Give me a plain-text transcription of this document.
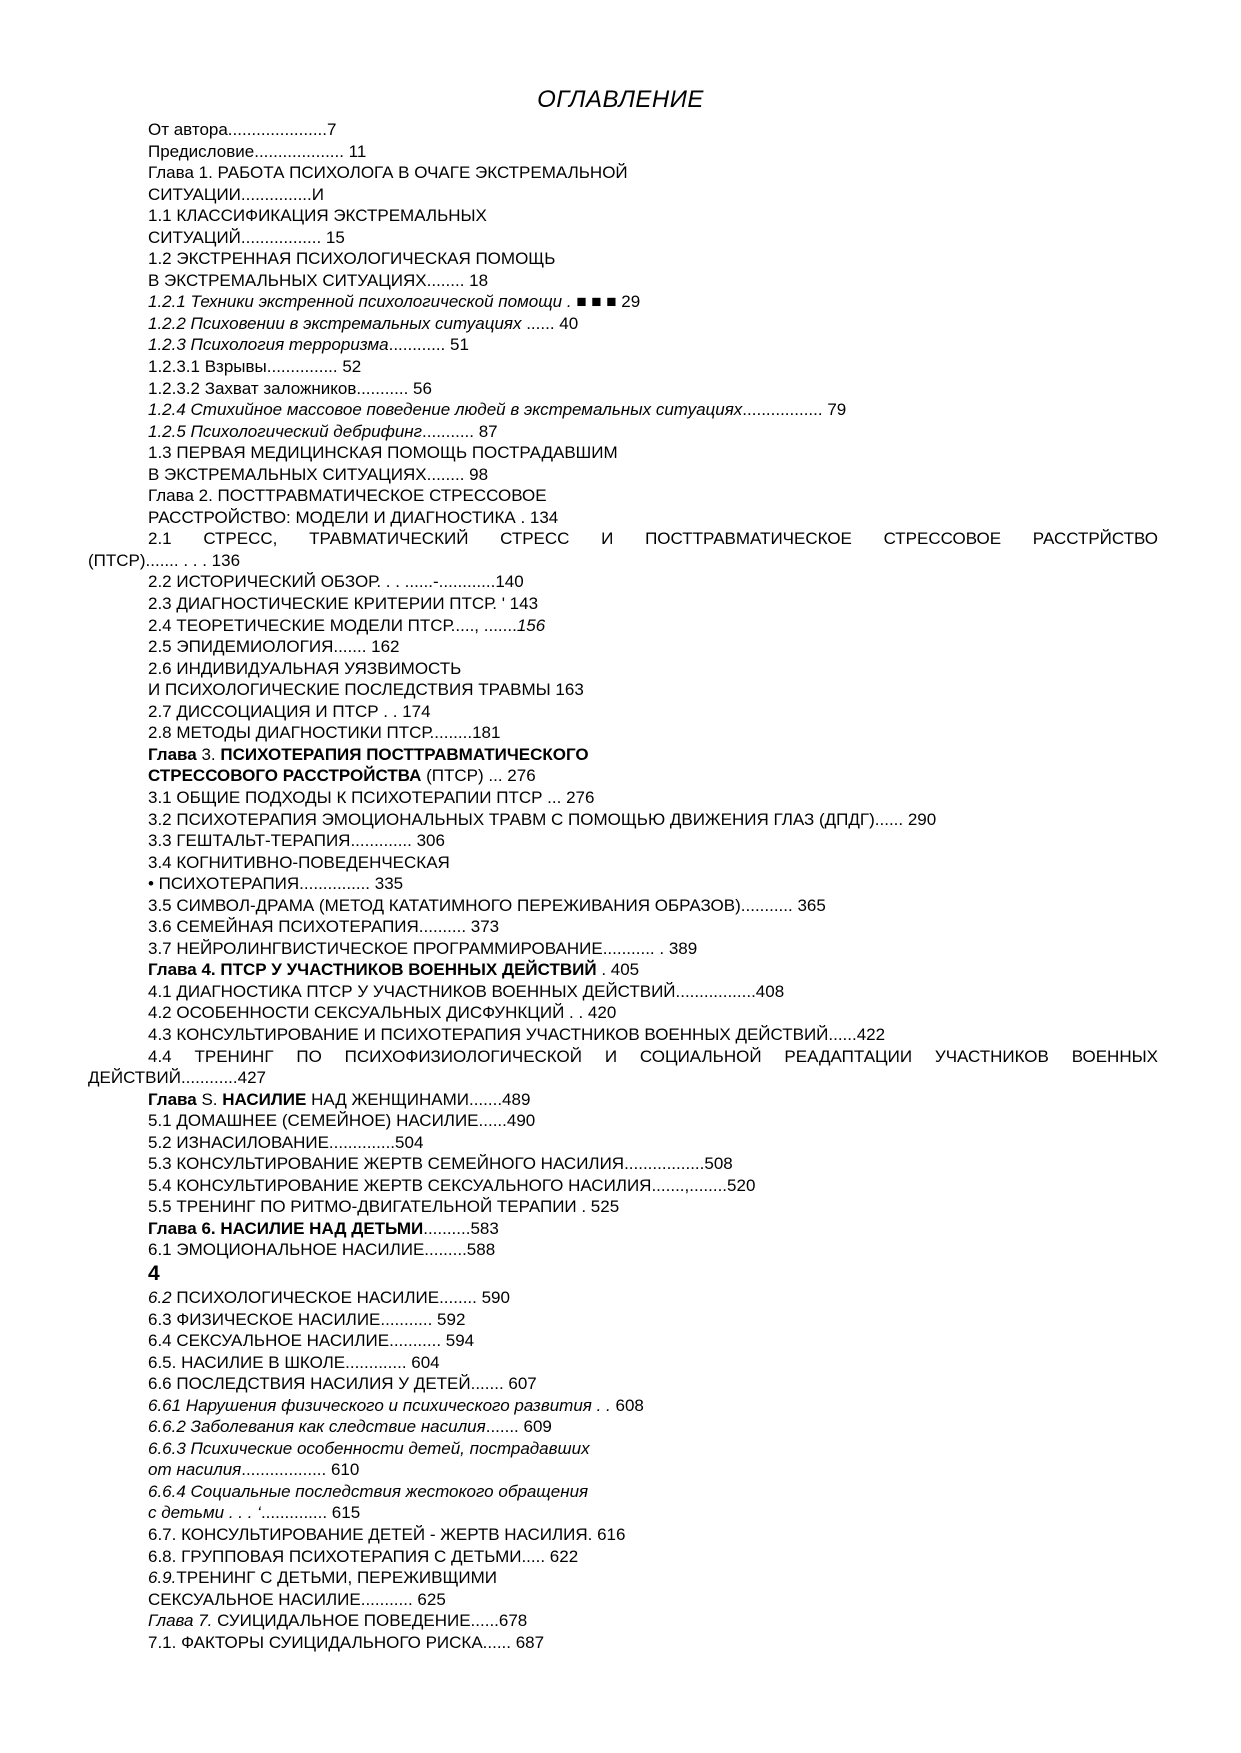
ОГЛАВЛЕНИЕ
От автора.....................7
Предисловие................... 11
Глава 1. РАБОТА ПСИХОЛОГА В ОЧАГЕ ЭКСТРЕМАЛЬНОЙ
СИТУАЦИИ...............И
1.1 КЛАССИФИКАЦИЯ ЭКСТРЕМАЛЬНЫХ
СИТУАЦИЙ................. 15
1.2 ЭКСТРЕННАЯ ПСИХОЛОГИЧЕСКАЯ ПОМОЩЬ
В ЭКСТРЕМАЛЬНЫХ СИТУАЦИЯХ........ 18
1.2.1 Техники экстренной психологической помощи . ■ ■ ■ 29
1.2.2 Психовении в экстремальных ситуациях ...... 40
1.2.3 Психология терроризма............ 51
1.2.3.1 Взрывы............... 52
1.2.3.2 Захват заложников........... 56
1.2.4 Стихийное массовое поведение людей в экстремальных ситуациях................. 79
1.2.5 Психологический дебрифинг........... 87
1.3 ПЕРВАЯ МЕДИЦИНСКАЯ ПОМОЩЬ ПОСТРАДАВШИМ
В ЭКСТРЕМАЛЬНЫХ СИТУАЦИЯХ........ 98
Глава 2. ПОСТТРАВМАТИЧЕСКОЕ СТРЕССОВОЕ
РАССТРОЙСТВО: МОДЕЛИ И ДИАГНОСТИКА . 134
2.1 СТРЕСС, ТРАВМАТИЧЕСКИЙ СТРЕСС И ПОСТТРАВМАТИЧЕСКОЕ СТРЕССОВОЕ РАССТРЙСТВО
(ПТСР)....... . . . 136
2.2 ИСТОРИЧЕСКИЙ ОБЗОР. . . ......-............140
2.3 ДИАГНОСТИЧЕСКИЕ КРИТЕРИИ ПТСР. ' 143
2.4 ТЕОРЕТИЧЕСКИЕ МОДЕЛИ ПТСР....., .......156
2.5 ЭПИДЕМИОЛОГИЯ....... 162
2.6 ИНДИВИДУАЛЬНАЯ УЯЗВИМОСТЬ
И ПСИХОЛОГИЧЕСКИЕ ПОСЛЕДСТВИЯ ТРАВМЫ 163
2.7 ДИССОЦИАЦИЯ И ПТСР . . 174
2.8 МЕТОДЫ ДИАГНОСТИКИ ПТСР.........181
Глава 3. ПСИХОТЕРАПИЯ ПОСТТРАВМАТИЧЕСКОГО
СТРЕССОВОГО РАССТРОЙСТВА (ПТСР) ... 276
3.1 ОБЩИЕ ПОДХОДЫ К ПСИХОТЕРАПИИ ПТСР ... 276
3.2 ПСИХОТЕРАПИЯ ЭМОЦИОНАЛЬНЫХ ТРАВМ С ПОМОЩЬЮ ДВИЖЕНИЯ ГЛАЗ (ДПДГ)...... 290
3.3 ГЕШТАЛЬТ-ТЕРАПИЯ............. 306
3.4 КОГНИТИВНО-ПОВЕДЕНЧЕСКАЯ
• ПСИХОТЕРАПИЯ............... 335
3.5 СИМВОЛ-ДРАМА (МЕТОД КАТАТИМНОГО ПЕРЕЖИВАНИЯ ОБРАЗОВ)........... 365
3.6 СЕМЕЙНАЯ ПСИХОТЕРАПИЯ.......... 373
3.7 НЕЙРОЛИНГВИСТИЧЕСКОЕ ПРОГРАММИРОВАНИЕ........... . 389
Глава 4. ПТСР У УЧАСТНИКОВ ВОЕННЫХ ДЕЙСТВИЙ . 405
4.1 ДИАГНОСТИКА ПТСР У УЧАСТНИКОВ ВОЕННЫХ ДЕЙСТВИЙ.................408
4.2 ОСОБЕННОСТИ СЕКСУАЛЬНЫХ ДИСФУНКЦИЙ . . 420
4.3 КОНСУЛЬТИРОВАНИЕ И ПСИХОТЕРАПИЯ УЧАСТНИКОВ ВОЕННЫХ ДЕЙСТВИЙ......422
4.4 ТРЕНИНГ ПО ПСИХОФИЗИОЛОГИЧЕСКОЙ И СОЦИАЛЬНОЙ РЕАДАПТАЦИИ УЧАСТНИКОВ ВОЕННЫХ
ДЕЙСТВИЙ............427
Глава S. НАСИЛИЕ НАД ЖЕНЩИНАМИ.......489
5.1 ДОМАШНЕЕ (СЕМЕЙНОЕ) НАСИЛИЕ......490
5.2 ИЗНАСИЛОВАНИЕ..............504
5.3 КОНСУЛЬТИРОВАНИЕ ЖЕРТВ СЕМЕЙНОГО НАСИЛИЯ.................508
5.4 КОНСУЛЬТИРОВАНИЕ ЖЕРТВ СЕКСУАЛЬНОГО НАСИЛИЯ.......,........520
5.5 ТРЕНИНГ ПО РИТМО-ДВИГАТЕЛЬНОЙ ТЕРАПИИ . 525
Глава 6. НАСИЛИЕ НАД ДЕТЬМИ..........583
6.1 ЭМОЦИОНАЛЬНОЕ НАСИЛИЕ.........588
4
6.2 ПСИХОЛОГИЧЕСКОЕ НАСИЛИЕ........ 590
6.3 ФИЗИЧЕСКОЕ НАСИЛИЕ........... 592
6.4 СЕКСУАЛЬНОЕ НАСИЛИЕ........... 594
6.5. НАСИЛИЕ В ШКОЛЕ............. 604
6.6 ПОСЛЕДСТВИЯ НАСИЛИЯ У ДЕТЕЙ....... 607
6.61 Нарушения физического и психического развития . . 608
6.6.2 Заболевания как следствие насилия....... 609
6.6.3 Психические особенности детей, пострадавших
от насилия.................. 610
6.6.4 Социальные последствия жестокого обращения
с детьми . . . ‘.............. 615
6.7. КОНСУЛЬТИРОВАНИЕ ДЕТЕЙ - ЖЕРТВ НАСИЛИЯ. 616
6.8. ГРУППОВАЯ ПСИХОТЕРАПИЯ С ДЕТЬМИ..... 622
6.9.ТРЕНИНГ С ДЕТЬМИ, ПЕРЕЖИВЩИМИ
СЕКСУАЛЬНОЕ НАСИЛИЕ........... 625
Глава 7. СУИЦИДАЛЬНОЕ ПОВЕДЕНИЕ......678
7.1. ФАКТОРЫ СУИЦИДАЛЬНОГО РИСКА...... 687
